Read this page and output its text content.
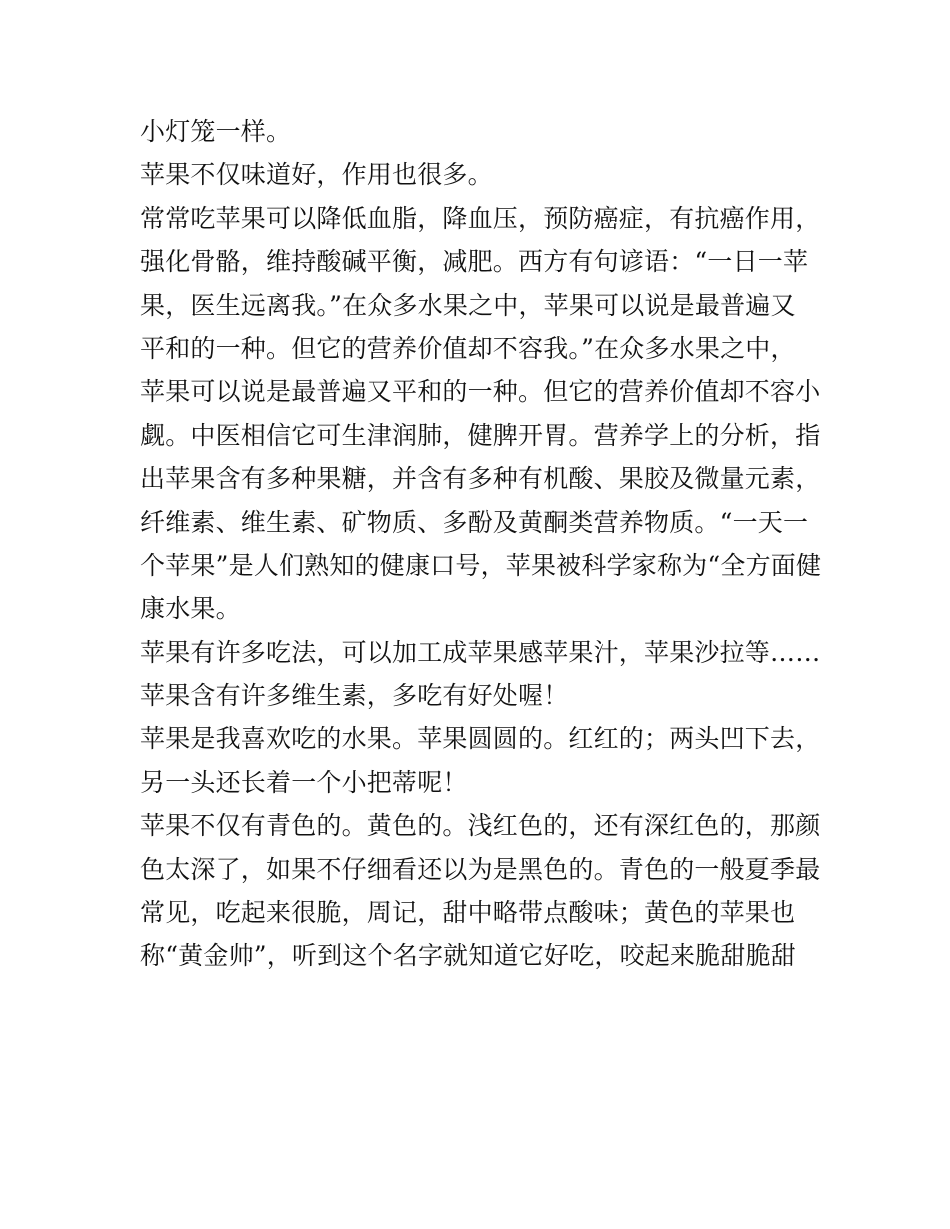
小灯笼一样。
苹果不仅味道好，作用也很多。
常常吃苹果可以降低血脂，降血压，预防癌症，有抗癌作用，
强化骨骼，维持酸碱平衡，减肥。西方有句谚语：“一日一苹
果，医生远离我。”在众多水果之中，苹果可以说是最普遍又
平和的一种。但它的营养价值却不容我。”在众多水果之中，
苹果可以说是最普遍又平和的一种。但它的营养价值却不容小
觑。中医相信它可生津润肺，健脾开胃。营养学上的分析，指
出苹果含有多种果糖，并含有多种有机酸、果胶及微量元素，
纤维素、维生素、矿物质、多酚及黄酮类营养物质。“一天一
个苹果”是人们熟知的健康口号，苹果被科学家称为“全方面健
康水果。
苹果有许多吃法，可以加工成苹果感苹果汁，苹果沙拉等……
苹果含有许多维生素，多吃有好处喔！
苹果是我喜欢吃的水果。苹果圆圆的。红红的；两头凹下去，
另一头还长着一个小把蒂呢！
苹果不仅有青色的。黄色的。浅红色的，还有深红色的，那颜
色太深了，如果不仔细看还以为是黑色的。青色的一般夏季最
常见，吃起来很脆，周记，甜中略带点酸味；黄色的苹果也
称“黄金帅”，听到这个名字就知道它好吃，咬起来脆甜脆甜
